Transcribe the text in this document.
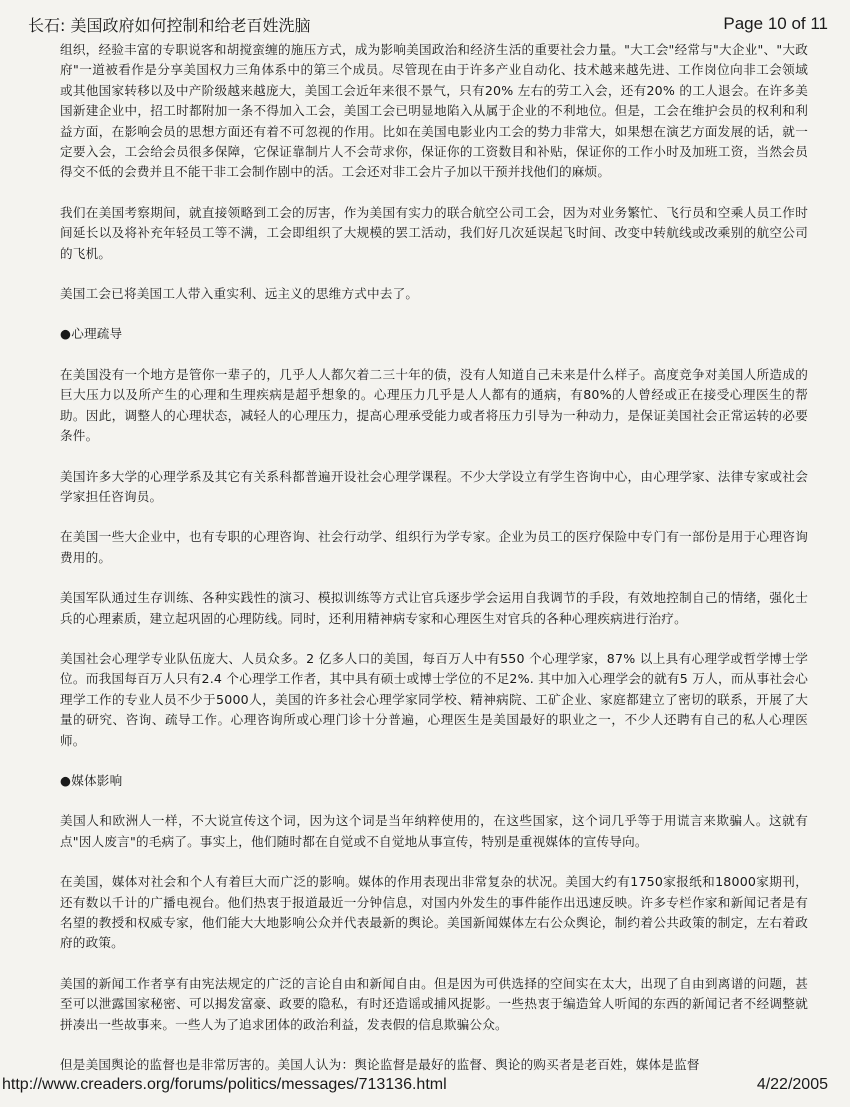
长石: 美国政府如何控制和给老百姓洗脑	Page 10 of 11

组织，经验丰富的专职说客和胡搅蛮缠的施压方式，成为影响美国政治和经济生活的重要社会力量。"大工会"经常与"大企业"、"大政府"一道被看作是分享美国权力三角体系中的第三个成员。尽管现在由于许多产业自动化、技术越来越先进、工作岗位向非工会领域或其他国家转移以及中产阶级越来越庞大，美国工会近年来很不景气，只有20% 左右的劳工入会，还有20% 的工人退会。在许多美国新建企业中，招工时都附加一条不得加入工会，美国工会已明显地陷入从属于企业的不利地位。但是，工会在维护会员的权利和利益方面，在影响会员的思想方面还有着不可忽视的作用。比如在美国电影业内工会的势力非常大，如果想在演艺方面发展的话，就一定要入会，工会给会员很多保障，它保证靠制片人不会苛求你，保证你的工资数目和补贴，保证你的工作小时及加班工资，当然会员得交不低的会费并且不能干非工会制作剧中的活。工会还对非工会片子加以干预并找他们的麻烦。

我们在美国考察期间，就直接领略到工会的厉害，作为美国有实力的联合航空公司工会，因为对业务繁忙、飞行员和空乘人员工作时间延长以及将补充年轻员工等不满，工会即组织了大规模的罢工活动，我们好几次延误起飞时间、改变中转航线或改乘别的航空公司的飞机。

美国工会已将美国工人带入重实利、远主义的思维方式中去了。

●心理疏导

在美国没有一个地方是管你一辈子的，几乎人人都欠着二三十年的债，没有人知道自己未来是什么样子。高度竞争对美国人所造成的巨大压力以及所产生的心理和生理疾病是超乎想象的。心理压力几乎是人人都有的通病，有80%的人曾经或正在接受心理医生的帮助。因此，调整人的心理状态，减轻人的心理压力，提高心理承受能力或者将压力引导为一种动力，是保证美国社会正常运转的必要条件。

美国许多大学的心理学系及其它有关系科都普遍开设社会心理学课程。不少大学设立有学生咨询中心，由心理学家、法律专家或社会学家担任咨询员。

在美国一些大企业中，也有专职的心理咨询、社会行动学、组织行为学专家。企业为员工的医疗保险中专门有一部份是用于心理咨询费用的。

美国军队通过生存训练、各种实践性的演习、模拟训练等方式让官兵逐步学会运用自我调节的手段，有效地控制自己的情绪，强化士兵的心理素质，建立起巩固的心理防线。同时，还利用精神病专家和心理医生对官兵的各种心理疾病进行治疗。

美国社会心理学专业队伍庞大、人员众多。2 亿多人口的美国，每百万人中有550 个心理学家，87% 以上具有心理学或哲学博士学位。而我国每百万人只有2.4 个心理学工作者，其中具有硕士或博士学位的不足2%. 其中加入心理学会的就有5 万人，而从事社会心理学工作的专业人员不少于5000人，美国的许多社会心理学家同学校、精神病院、工矿企业、家庭都建立了密切的联系，开展了大量的研究、咨询、疏导工作。心理咨询所或心理门诊十分普遍，心理医生是美国最好的职业之一，不少人还聘有自己的私人心理医师。

●媒体影响

美国人和欧洲人一样，不大说宣传这个词，因为这个词是当年纳粹使用的，在这些国家，这个词几乎等于用谎言来欺骗人。这就有点"因人废言"的毛病了。事实上，他们随时都在自觉或不自觉地从事宣传，特别是重视媒体的宣传导向。

在美国，媒体对社会和个人有着巨大而广泛的影响。媒体的作用表现出非常复杂的状况。美国大约有1750家报纸和18000家期刊，还有数以千计的广播电视台。他们热衷于报道最近一分钟信息，对国内外发生的事件能作出迅速反映。许多专栏作家和新闻记者是有名望的教授和权威专家，他们能大大地影响公众并代表最新的舆论。美国新闻媒体左右公众舆论，制约着公共政策的制定，左右着政府的政策。

美国的新闻工作者享有由宪法规定的广泛的言论自由和新闻自由。但是因为可供选择的空间实在太大，出现了自由到离谱的问题，甚至可以泄露国家秘密、可以揭发富豪、政要的隐私，有时还造谣或捕风捉影。一些热衷于编造耸人听闻的东西的新闻记者不经调整就拼凑出一些故事来。一些人为了追求团体的政治利益，发表假的信息欺骗公众。

但是美国舆论的监督也是非常厉害的。美国人认为：舆论监督是最好的监督、舆论的购买者是老百姓，媒体是监督

http://www.creaders.org/forums/politics/messages/713136.html	4/22/2005
